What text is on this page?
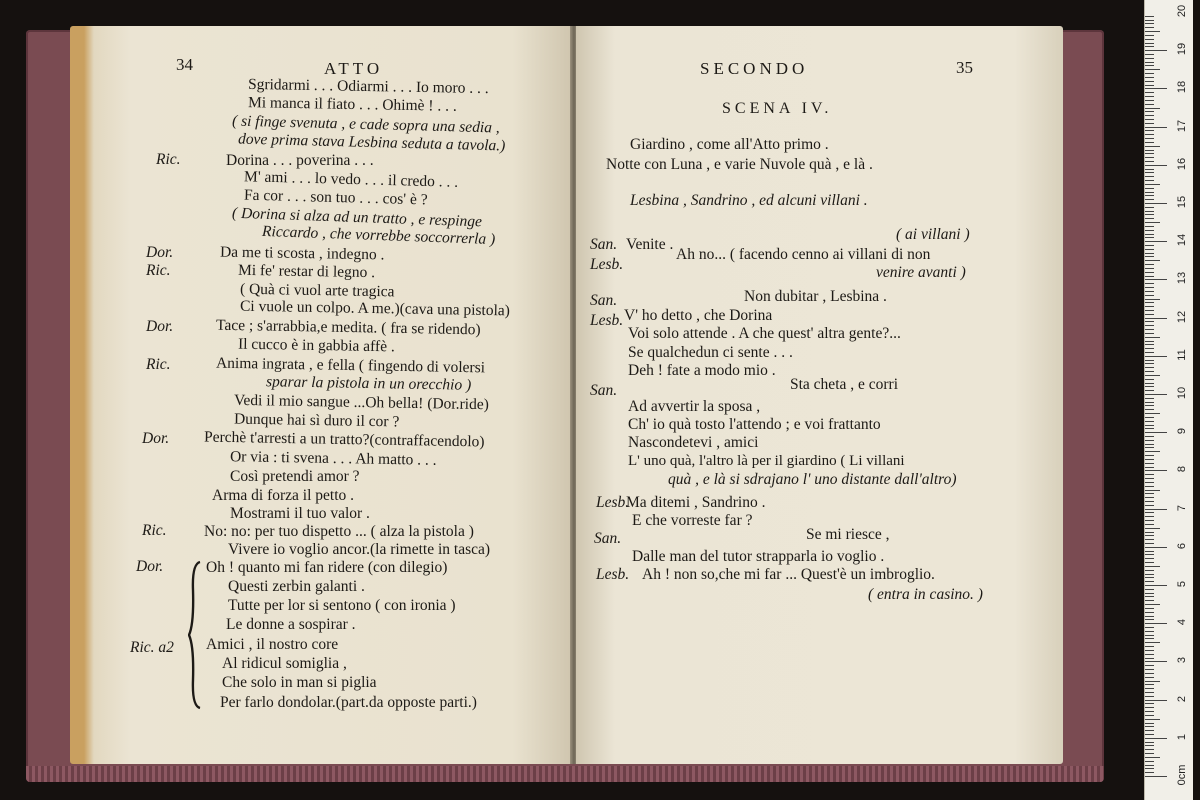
34	ATTO
Ric.
Dor.
Ric.
Dor.
Ric.
Dor.
Ric.
Dor.
Ric. a2
Sgridarmi . . . Odiarmi . . . Io moro . . .
Mi manca il fiato . . . Ohimè ! . . .
( si finge svenuta , e cade sopra una sedia ,
dove prima stava Lesbina seduta a tavola.)
Dorina . . . poverina . . .
M' ami . . . lo vedo . . . il credo . . .
Fa cor . . . son tuo . . . cos' è ?
( Dorina si alza ad un tratto , e respinge
Riccardo , che vorrebbe soccorrerla )
Da me ti scosta , indegno .
Mi fe' restar di legno .
( Quà ci vuol arte tragica
Ci vuole un colpo. A me.)(cava una pistola)
Tace ; s'arrabbia,e medita. ( fra se ridendo)
Il cucco è in gabbia affè .
Anima ingrata , e fella ( fingendo di volersi
sparar la pistola in un orecchio )
Vedi il mio sangue ...Oh bella! (Dor.ride)
Dunque hai sì duro il cor ?
Perchè t'arresti a un tratto?(contraffacendolo)
Or via : ti svena . . . Ah matto . . .
Così pretendi amor ?
Arma di forza il petto .
Mostrami il tuo valor .
No: no: per tuo dispetto ... ( alza la pistola )
Vivere io voglio ancor.(la rimette in tasca)
Oh ! quanto mi fan ridere (con dilegio)
Questi zerbin galanti .
Tutte per lor si sentono ( con ironia )
Le donne a sospirar .
Amici , il nostro core
Al ridicul somiglia ,
Che solo in man si piglia
Per farlo dondolar.(part.da opposte parti.)
SECONDO	35
SCENA IV.
Giardino , come all'Atto primo .
Notte con Luna , e varie Nuvole quà , e là .
Lesbina , Sandrino , ed alcuni villani .
San.
Lesb.
San.
Lesb.
San.
Lesb.
San.
Lesb.
Venite .
( ai villani )
Ah no... ( facendo cenno ai villani di non
venire avanti )
Non dubitar , Lesbina .
V' ho detto , che Dorina
Voi solo attende . A che quest' altra gente?...
Se qualchedun ci sente . . .
Deh ! fate a modo mio .
Sta cheta , e corri
Ad avvertir la sposa ,
Ch' io quà tosto l'attendo ; e voi frattanto
Nascondetevi , amici
L' uno quà, l'altro là per il giardino ( Li villani
quà , e là si sdrajano l' uno distante dall'altro)
Ma ditemi , Sandrino .
E che vorreste far ?
Se mi riesce ,
Dalle man del tutor strapparla io voglio .
Ah ! non so,che mi far ... Quest'è un imbroglio.
( entra in casino. )
0cm
1
2
3
4
5
6
7
8
9
10
11
12
13
14
15
16
17
18
19
20
